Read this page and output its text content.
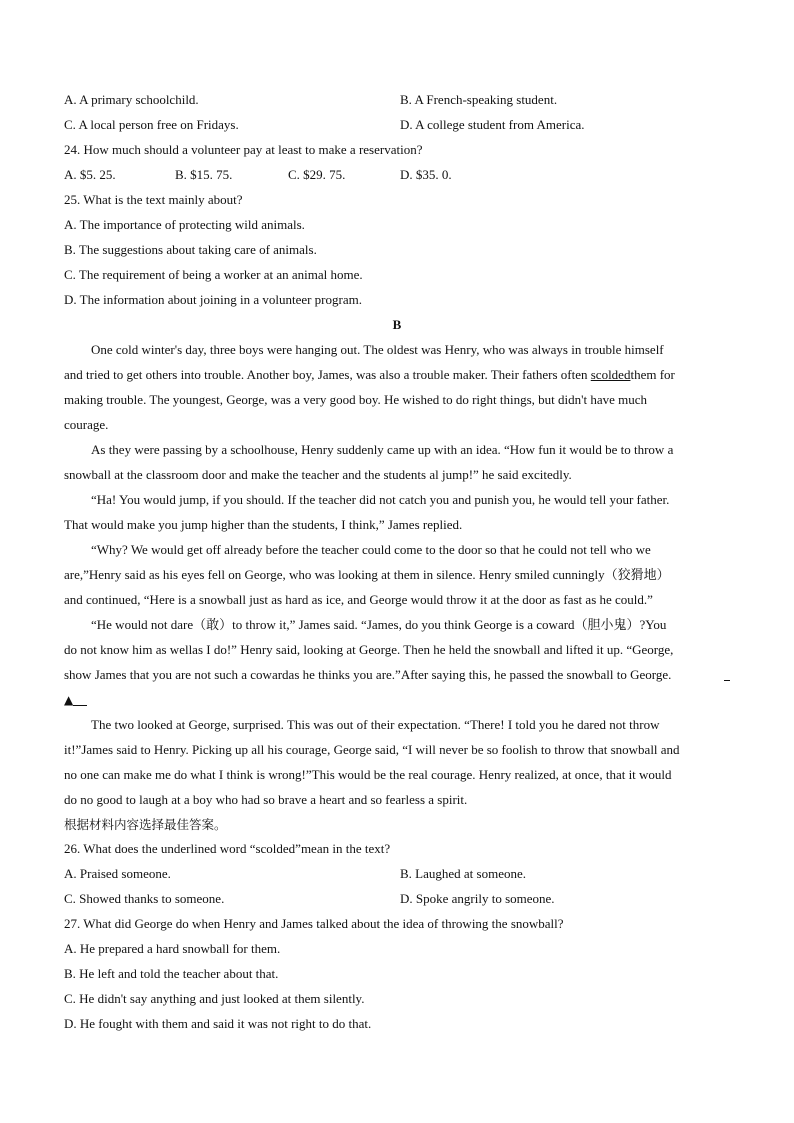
A. A primary schoolchild.	B. A French-speaking student.
C. A local person free on Fridays.	D. A college student from America.
24. How much should a volunteer pay at least to make a reservation?
A. $5. 25.	B. $15. 75.	C. $29. 75.	D. $35. 0.
25. What is the text mainly about?
A. The importance of protecting wild animals.
B. The suggestions about taking care of animals.
C. The requirement of being a worker at an animal home.
D. The information about joining in a volunteer program.
B
One cold winter's day, three boys were hanging out. The oldest was Henry, who was always in trouble himself
and tried to get others into trouble. Another boy, James, was also a trouble maker. Their fathers often scoldedthem for
making trouble. The youngest, George, was a very good boy. He wished to do right things, but didn't have much
courage.
As they were passing by a schoolhouse, Henry suddenly came up with an idea. “How fun it would be to throw a
snowball at the classroom door and make the teacher and the students al jump!” he said excitedly.
“Ha! You would jump, if you should. If the teacher did not catch you and punish you, he would tell your father.
That would make you jump higher than the students, I think,” James replied.
“Why? We would get off already before the teacher could come to the door so that he could not tell who we
are,”Henry said as his eyes fell on George, who was looking at them in silence. Henry smiled cunningly（狡猾地）
and continued, “Here is a snowball just as hard as ice, and George would throw it at the door as fast as he could.”
“He would not dare（敢）to throw it,” James said. “James, do you think George is a coward（胆小鬼）?You
do not know him as wellas I do!” Henry said, looking at George. Then he held the snowball and lifted it up. “George,
show James that you are not such a cowardas he thinks you are.”After saying this, he passed the snowball to George.
▲
The two looked at George, surprised. This was out of their expectation. “There! I told you he dared not throw
it!”James said to Henry. Picking up all his courage, George said, “I will never be so foolish to throw that snowball and
no one can make me do what I think is wrong!”This would be the real courage. Henry realized, at once, that it would
do no good to laugh at a boy who had so brave a heart and so fearless a spirit.
根据材料内容选择最佳答案。
26. What does the underlined word “scolded”mean in the text?
A. Praised someone.	B. Laughed at someone.
C. Showed thanks to someone.	D. Spoke angrily to someone.
27. What did George do when Henry and James talked about the idea of throwing the snowball?
A. He prepared a hard snowball for them.
B. He left and told the teacher about that.
C. He didn't say anything and just looked at them silently.
D. He fought with them and said it was not right to do that.
